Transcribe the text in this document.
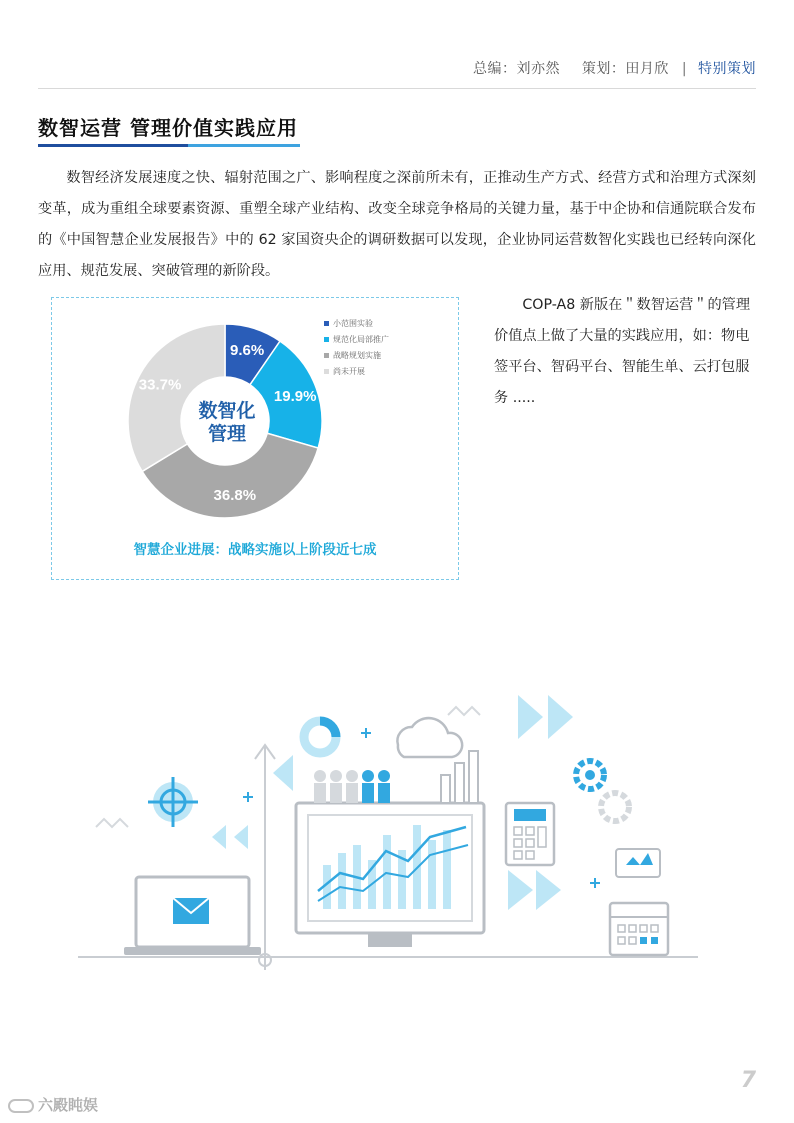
总编：刘亦然 策划：田月欣 | 特别策划
数智运营 管理价值实践应用
数智经济发展速度之快、辐射范围之广、影响程度之深前所未有，正推动生产方式、经营方式和治理方式深刻变革，成为重组全球要素资源、重塑全球产业结构、改变全球竞争格局的关键力量，基于中企协和信通院联合发布的《中国智慧企业发展报告》中的 62 家国资央企的调研数据可以发现，企业协同运营数智化实践也已经转向深化应用、规范发展、突破管理的新阶段。
9.6%
19.9%
36.8%
33.7%
小范围实验
规范化局部推广
战略规划实施
尚未开展
数智化
管理
智慧企业进展：战略实施以上阶段近七成
COP-A8 新版在＂数智运营＂的管理价值点上做了大量的实践应用，如：物电签平台、智码平台、智能生单、云打包服务 .....
7
六殿盹娱
